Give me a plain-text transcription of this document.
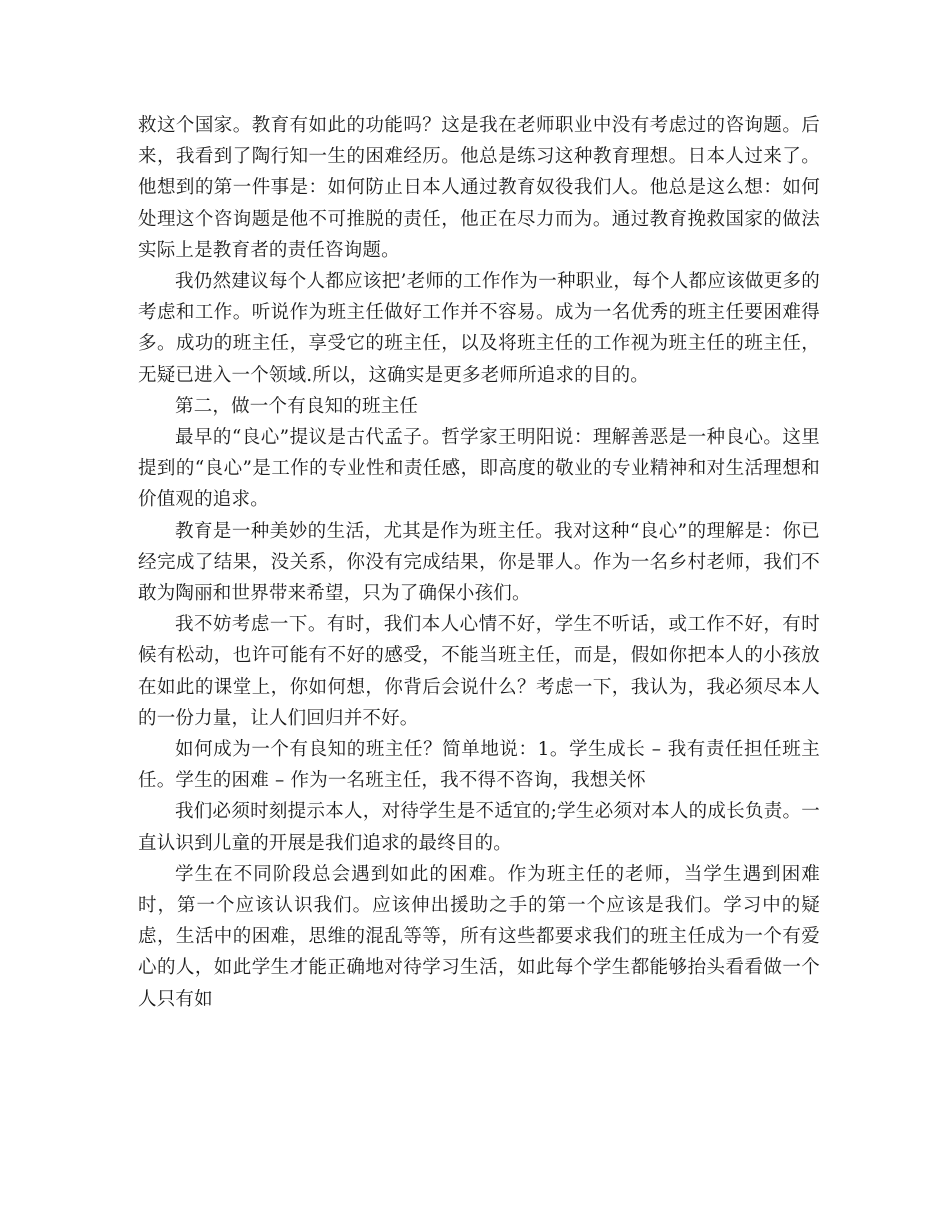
救这个国家。教育有如此的功能吗？这是我在老师职业中没有考虑过的咨询题。后来，我看到了陶行知一生的困难经历。他总是练习这种教育理想。日本人过来了。他想到的第一件事是：如何防止日本人通过教育奴役我们人。他总是这么想：如何处理这个咨询题是他不可推脱的责任，他正在尽力而为。通过教育挽救国家的做法实际上是教育者的责任咨询题。

我仍然建议每个人都应该把’老师的工作作为一种职业，每个人都应该做更多的考虑和工作。听说作为班主任做好工作并不容易。成为一名优秀的班主任要困难得多。成功的班主任，享受它的班主任，以及将班主任的工作视为班主任的班主任，无疑已进入一个领域.所以，这确实是更多老师所追求的目的。

第二，做一个有良知的班主任

最早的“良心”提议是古代孟子。哲学家王明阳说：理解善恶是一种良心。这里提到的“良心”是工作的专业性和责任感，即高度的敬业的专业精神和对生活理想和价值观的追求。

教育是一种美妙的生活，尤其是作为班主任。我对这种“良心”的理解是：你已经完成了结果，没关系，你没有完成结果，你是罪人。作为一名乡村老师，我们不敢为陶丽和世界带来希望，只为了确保小孩们。

我不妨考虑一下。有时，我们本人心情不好，学生不听话，或工作不好，有时候有松动，也许可能有不好的感受，不能当班主任，而是，假如你把本人的小孩放在如此的课堂上，你如何想，你背后会说什么？考虑一下，我认为，我必须尽本人的一份力量，让人们回归并不好。

如何成为一个有良知的班主任？简单地说：1。学生成长 – 我有责任担任班主任。学生的困难 – 作为一名班主任，我不得不咨询，我想关怀

我们必须时刻提示本人，对待学生是不适宜的;学生必须对本人的成长负责。一直认识到儿童的开展是我们追求的最终目的。

学生在不同阶段总会遇到如此的困难。作为班主任的老师，当学生遇到困难时，第一个应该认识我们。应该伸出援助之手的第一个应该是我们。学习中的疑虑，生活中的困难，思维的混乱等等，所有这些都要求我们的班主任成为一个有爱心的人，如此学生才能正确地对待学习生活，如此每个学生都能够抬头看看做一个人只有如
